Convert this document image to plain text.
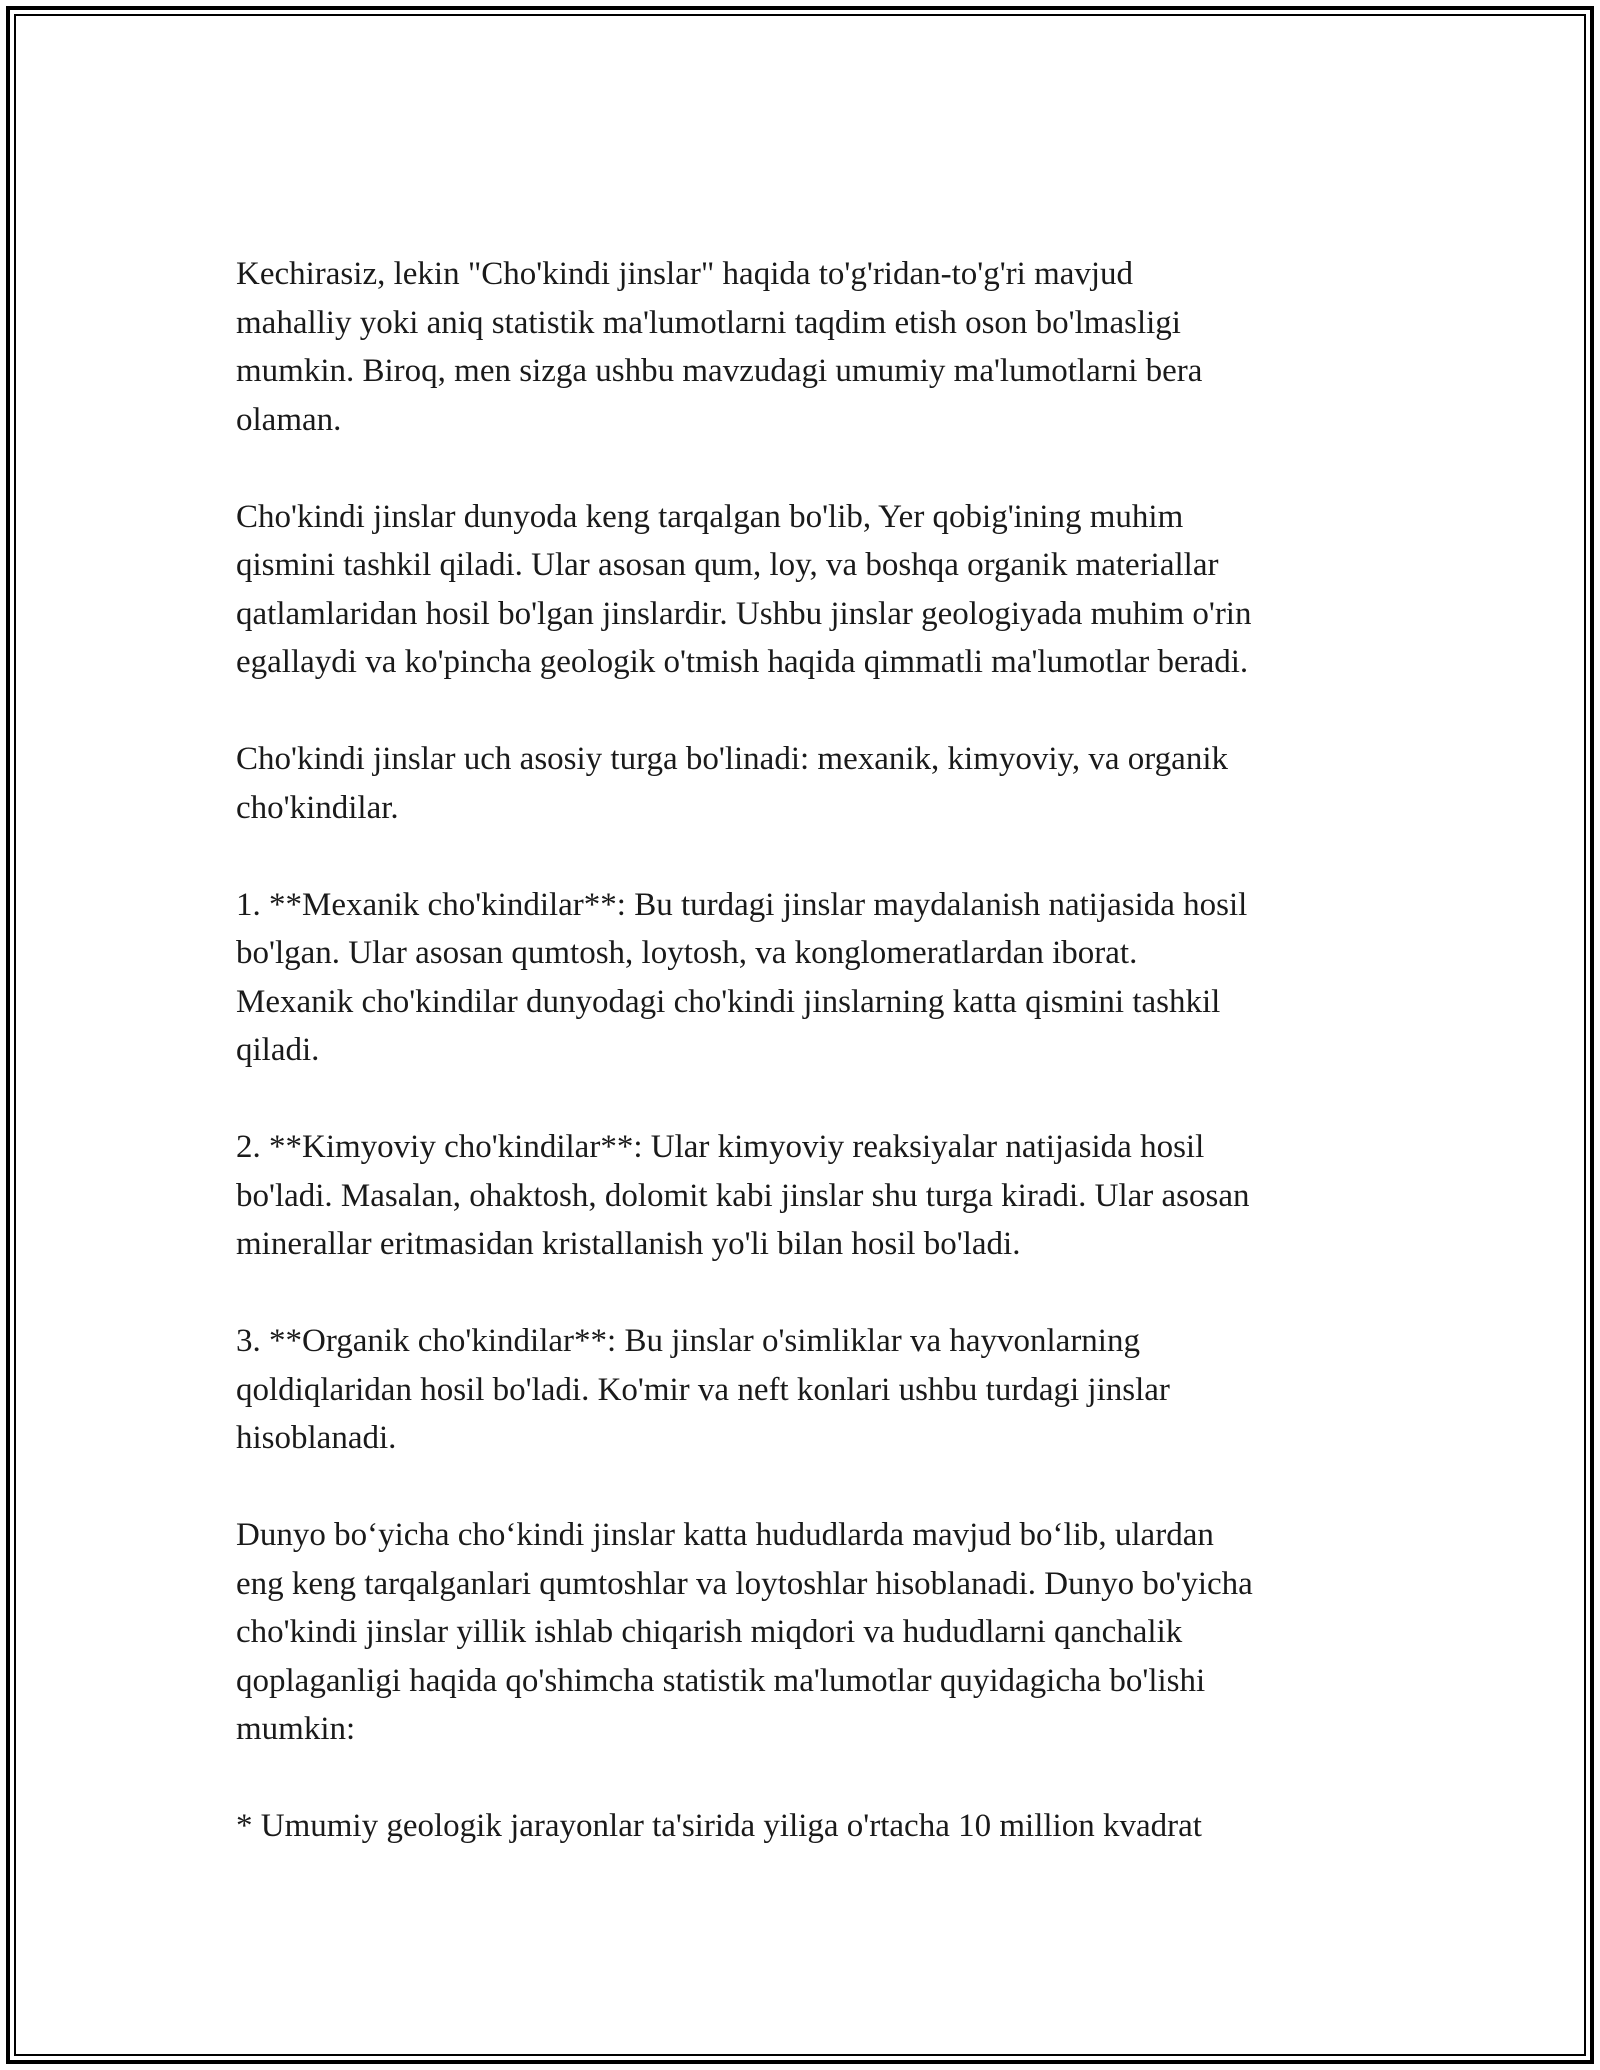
Kechirasiz, lekin "Cho'kindi jinslar" haqida to'g'ridan-to'g'ri mavjud
mahalliy yoki aniq statistik ma'lumotlarni taqdim etish oson bo'lmasligi
mumkin. Biroq, men sizga ushbu mavzudagi umumiy ma'lumotlarni bera
olaman.

Cho'kindi jinslar dunyoda keng tarqalgan bo'lib, Yer qobig'ining muhim
qismini tashkil qiladi. Ular asosan qum, loy, va boshqa organik materiallar
qatlamlaridan hosil bo'lgan jinslardir. Ushbu jinslar geologiyada muhim o'rin
egallaydi va ko'pincha geologik o'tmish haqida qimmatli ma'lumotlar beradi.

Cho'kindi jinslar uch asosiy turga bo'linadi: mexanik, kimyoviy, va organik
cho'kindilar.

1. **Mexanik cho'kindilar**: Bu turdagi jinslar maydalanish natijasida hosil
bo'lgan. Ular asosan qumtosh, loytosh, va konglomeratlardan iborat.
Mexanik cho'kindilar dunyodagi cho'kindi jinslarning katta qismini tashkil
qiladi.

2. **Kimyoviy cho'kindilar**: Ular kimyoviy reaksiyalar natijasida hosil
bo'ladi. Masalan, ohaktosh, dolomit kabi jinslar shu turga kiradi. Ular asosan
minerallar eritmasidan kristallanish yo'li bilan hosil bo'ladi.

3. **Organik cho'kindilar**: Bu jinslar o'simliklar va hayvonlarning
qoldiqlaridan hosil bo'ladi. Ko'mir va neft konlari ushbu turdagi jinslar
hisoblanadi.

Dunyo bo‘yicha cho‘kindi jinslar katta hududlarda mavjud bo‘lib, ulardan
eng keng tarqalganlari qumtoshlar va loytoshlar hisoblanadi. Dunyo bo'yicha
cho'kindi jinslar yillik ishlab chiqarish miqdori va hududlarni qanchalik
qoplaganligi haqida qo'shimcha statistik ma'lumotlar quyidagicha bo'lishi
mumkin:

* Umumiy geologik jarayonlar ta'sirida yiliga o'rtacha 10 million kvadrat
